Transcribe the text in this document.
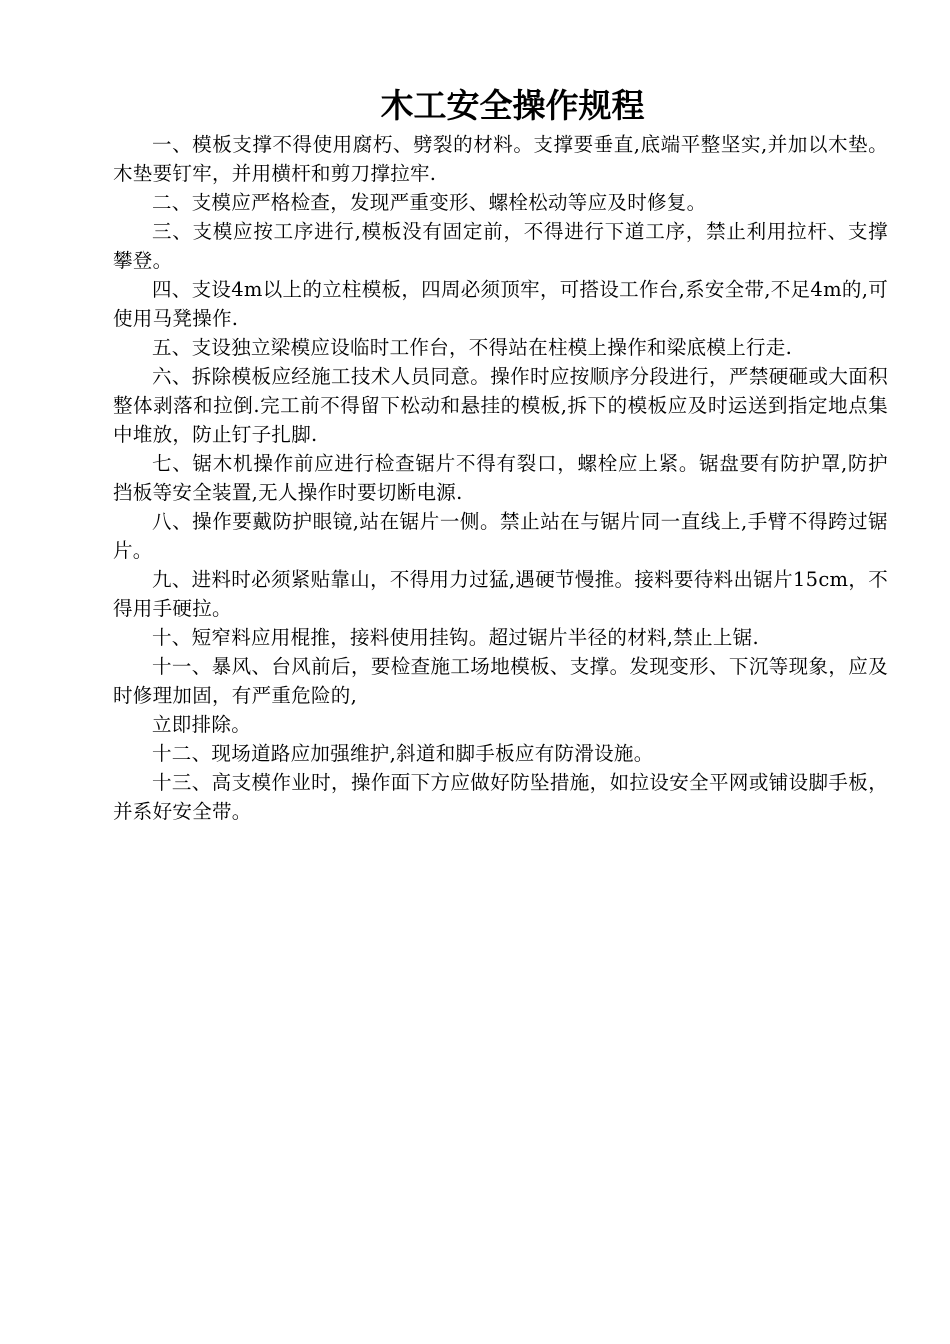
木工安全操作规程

一、模板支撑不得使用腐朽、劈裂的材料。支撑要垂直,底端平整坚实,并加以木垫。木垫要钉牢，并用横杆和剪刀撑拉牢.

二、支模应严格检查，发现严重变形、螺栓松动等应及时修复。

三、支模应按工序进行,模板没有固定前，不得进行下道工序，禁止利用拉杆、支撑攀登。

四、支设4m以上的立柱模板，四周必须顶牢，可搭设工作台,系安全带,不足4m的,可使用马凳操作.

五、支设独立梁模应设临时工作台，不得站在柱模上操作和梁底模上行走.

六、拆除模板应经施工技术人员同意。操作时应按顺序分段进行，严禁硬砸或大面积整体剥落和拉倒.完工前不得留下松动和悬挂的模板,拆下的模板应及时运送到指定地点集中堆放，防止钉子扎脚.

七、锯木机操作前应进行检查锯片不得有裂口，螺栓应上紧。锯盘要有防护罩,防护挡板等安全装置,无人操作时要切断电源.

八、操作要戴防护眼镜,站在锯片一侧。禁止站在与锯片同一直线上,手臂不得跨过锯片。

九、进料时必须紧贴靠山，不得用力过猛,遇硬节慢推。接料要待料出锯片15cm，不得用手硬拉。

十、短窄料应用棍推，接料使用挂钩。超过锯片半径的材料,禁止上锯.

十一、暴风、台风前后，要检查施工场地模板、支撑。发现变形、下沉等现象，应及时修理加固，有严重危险的,

立即排除。

十二、现场道路应加强维护,斜道和脚手板应有防滑设施。

十三、高支模作业时，操作面下方应做好防坠措施，如拉设安全平网或铺设脚手板，并系好安全带。
